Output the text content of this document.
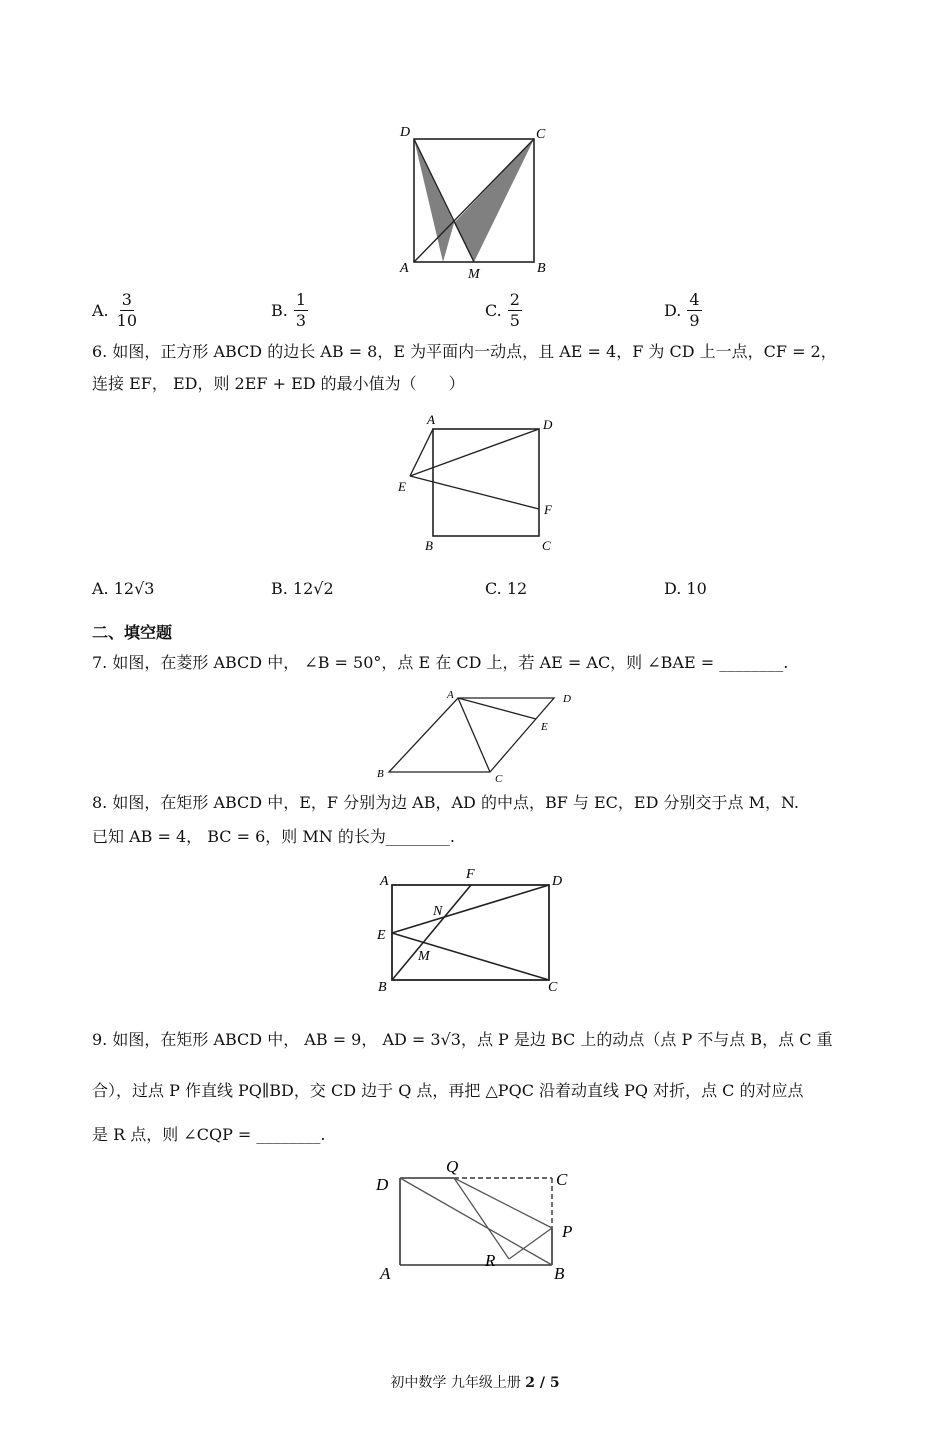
D	C
A	M	B
A. $\frac{3}{10}$	B. $\frac{1}{3}$	C. $\frac{2}{5}$	D. $\frac{4}{9}$
6. 如图，正方形 ABCD 的边长 AB = 8，E 为平面内一动点，且 AE = 4，F 为 CD 上一点，CF = 2，
连接 EF， ED，则 2EF + ED 的最小值为（　　）
A	D
E
F
B	C
A. 12√3	B. 12√2	C. 12	D. 10
二、填空题
7. 如图，在菱形 ABCD 中， ∠B = 50°，点 E 在 CD 上，若 AE = AC，则 ∠BAE = ________.
A	D
E
B	C
8. 如图，在矩形 ABCD 中，E，F 分别为边 AB，AD 的中点，BF 与 EC，ED 分别交于点 M，N.
已知 AB = 4， BC = 6，则 MN 的长为________.
A	F	D
N
E
M
B	C
9. 如图，在矩形 ABCD 中， AB = 9， AD = 3√3，点 P 是边 BC 上的动点（点 P 不与点 B，点 C 重
合），过点 P 作直线 PQ∥BD，交 CD 边于 Q 点，再把 △PQC 沿着动直线 PQ 对折，点 C 的对应点
是 R 点，则 ∠CQP = ________.
D
Q
C
P
R
A	B
初中数学 九年级上册 2 / 5
